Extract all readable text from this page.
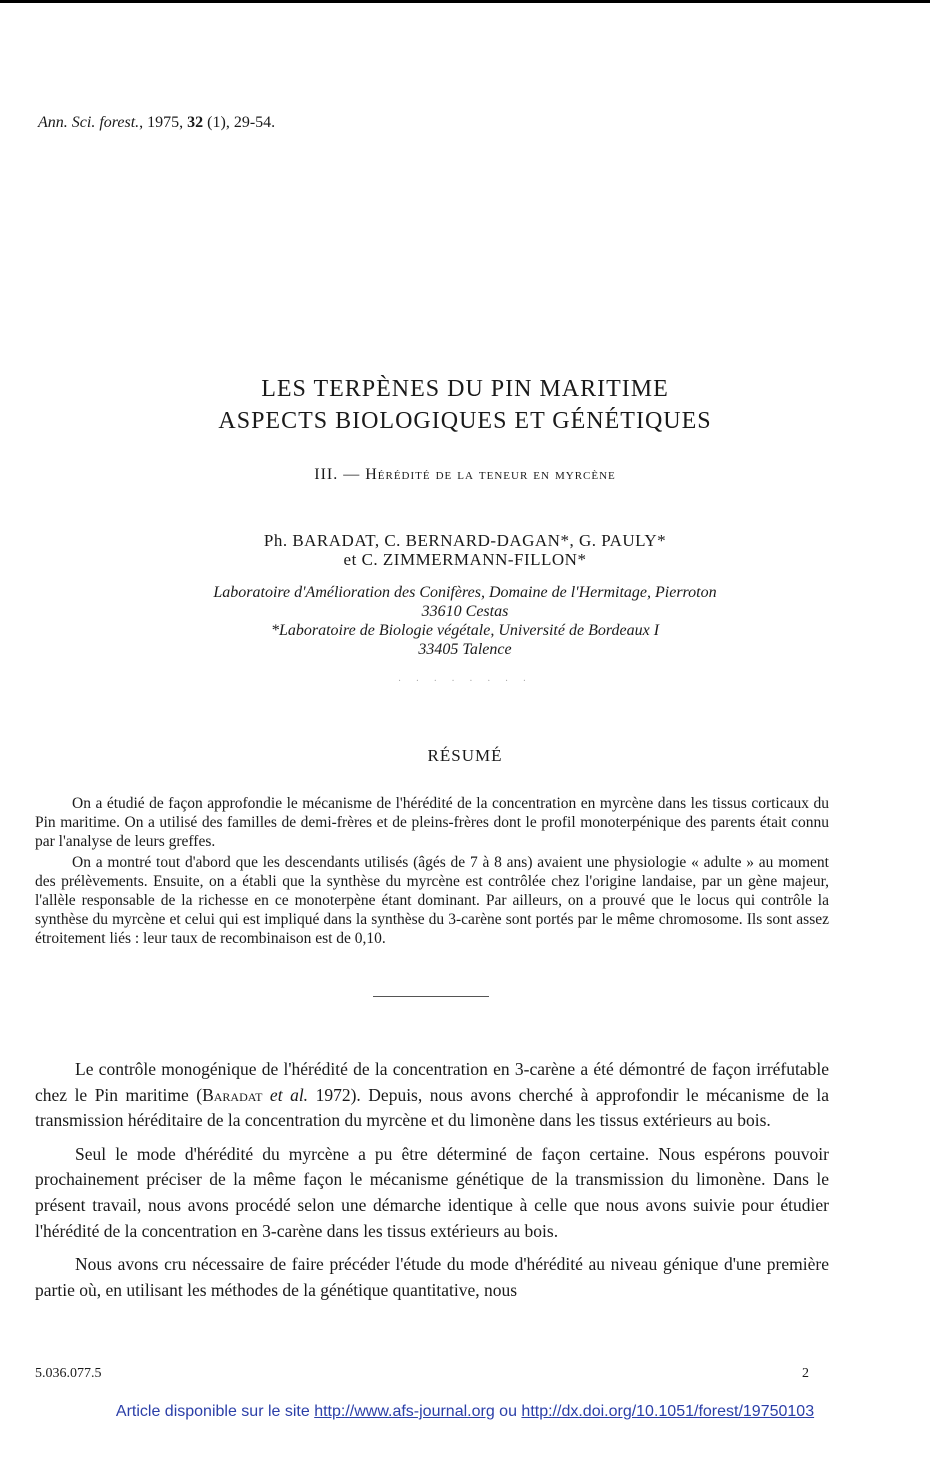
Ann. Sci. forest., 1975, 32 (1), 29-54.
LES TERPÈNES DU PIN MARITIME
ASPECTS BIOLOGIQUES ET GÉNÉTIQUES
III. — Hérédité de la teneur en myrcène
Ph. BARADAT, C. BERNARD-DAGAN*, G. PAULY*
et C. ZIMMERMANN-FILLON*
Laboratoire d'Amélioration des Conifères, Domaine de l'Hermitage, Pierroton
33610 Cestas
*Laboratoire de Biologie végétale, Université de Bordeaux I
33405 Talence
· · · · · · · ·
RÉSUMÉ

On a étudié de façon approfondie le mécanisme de l'hérédité de la concentration en myrcène dans les tissus corticaux du Pin maritime. On a utilisé des familles de demi-frères et de pleins-frères dont le profil monoterpénique des parents était connu par l'analyse de leurs greffes.

On a montré tout d'abord que les descendants utilisés (âgés de 7 à 8 ans) avaient une physiologie « adulte » au moment des prélèvements. Ensuite, on a établi que la synthèse du myrcène est contrôlée chez l'origine landaise, par un gène majeur, l'allèle responsable de la richesse en ce monoterpène étant dominant. Par ailleurs, on a prouvé que le locus qui contrôle la synthèse du myrcène et celui qui est impliqué dans la synthèse du 3-carène sont portés par le même chromosome. Ils sont assez étroitement liés : leur taux de recombinaison est de 0,10.

Le contrôle monogénique de l'hérédité de la concentration en 3-carène a été démontré de façon irréfutable chez le Pin maritime (Baradat et al. 1972). Depuis, nous avons cherché à approfondir le mécanisme de la transmission héréditaire de la concentration du myrcène et du limonène dans les tissus extérieurs au bois.

Seul le mode d'hérédité du myrcène a pu être déterminé de façon certaine. Nous espérons pouvoir prochainement préciser de la même façon le mécanisme génétique de la transmission du limonène. Dans le présent travail, nous avons procédé selon une démarche identique à celle que nous avons suivie pour étudier l'hérédité de la concentration en 3-carène dans les tissus extérieurs au bois.

Nous avons cru nécessaire de faire précéder l'étude du mode d'hérédité au niveau génique d'une première partie où, en utilisant les méthodes de la génétique quantitative, nous

5.036.077.5	2
Article disponible sur le site http://www.afs-journal.org ou http://dx.doi.org/10.1051/forest/19750103
